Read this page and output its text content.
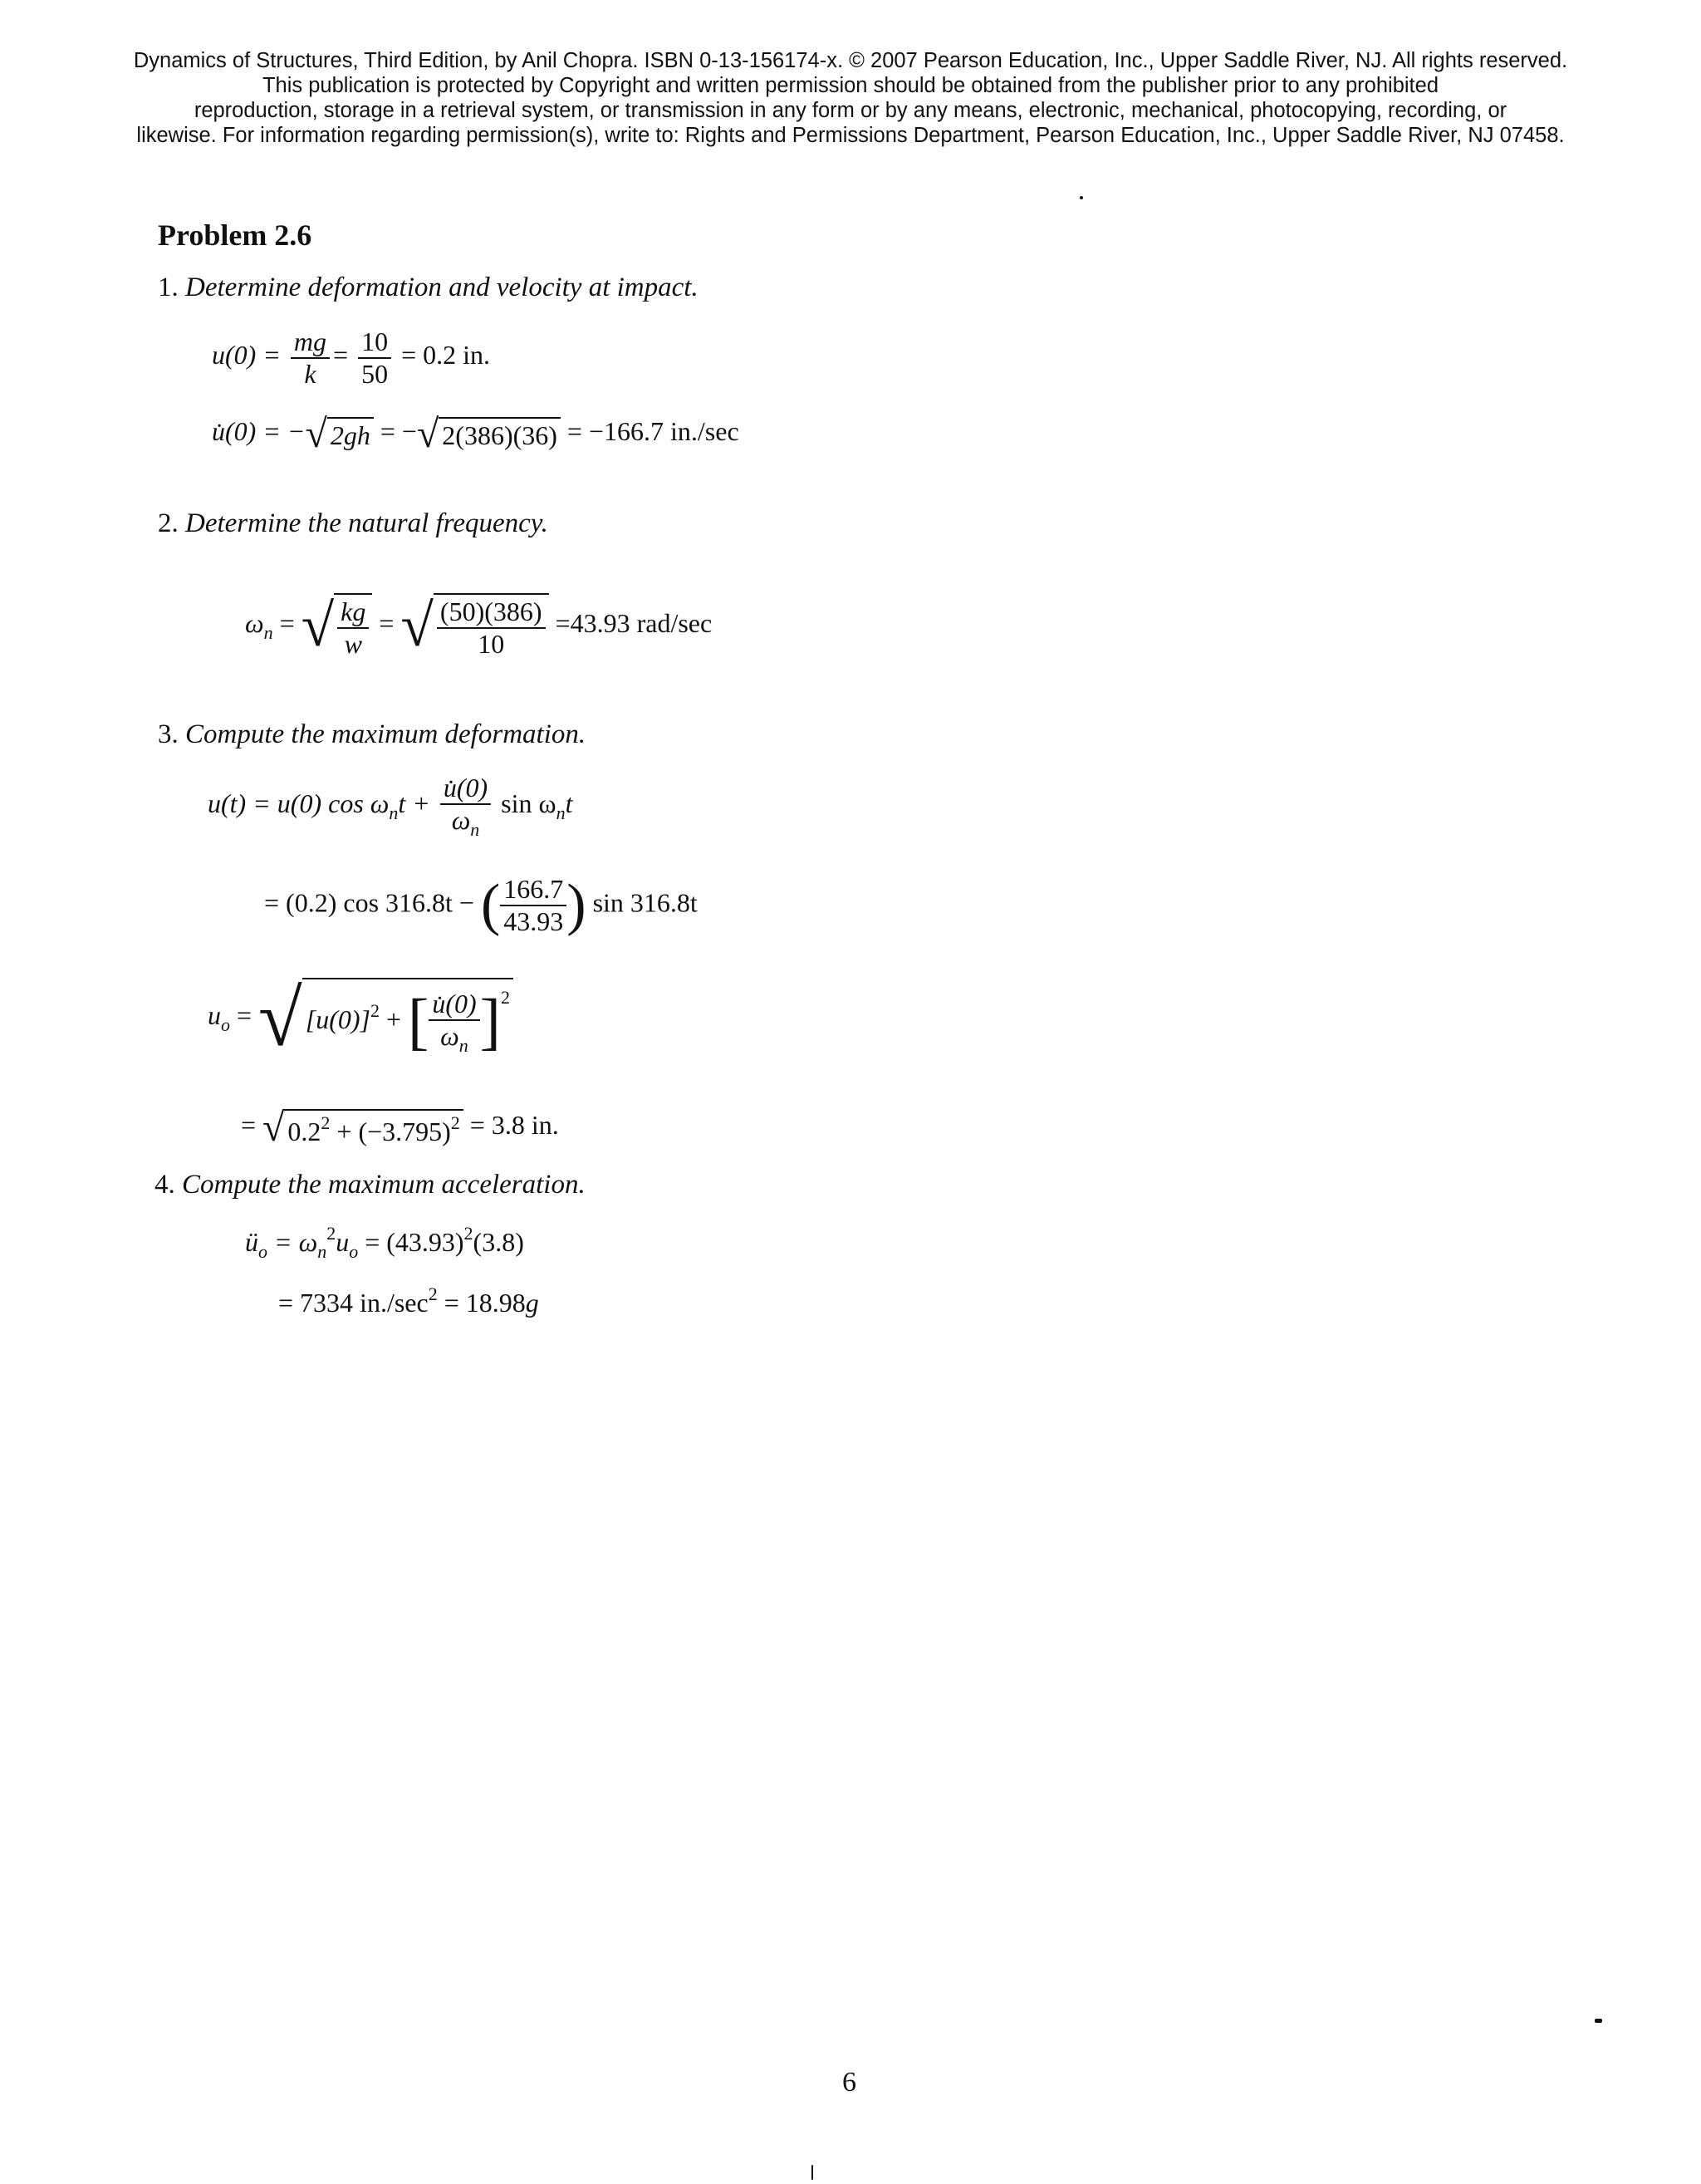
Dynamics of Structures, Third Edition, by Anil Chopra. ISBN 0-13-156174-x. © 2007 Pearson Education, Inc., Upper Saddle River, NJ. All rights reserved.
This publication is protected by Copyright and written permission should be obtained from the publisher prior to any prohibited
reproduction, storage in a retrieval system, or transmission in any form or by any means, electronic, mechanical, photocopying, recording, or
likewise. For information regarding permission(s), write to: Rights and Permissions Department, Pearson Education, Inc., Upper Saddle River, NJ 07458.
Problem 2.6
1. Determine deformation and velocity at impact.
$u(0) = \frac{mg}{k} = \frac{10}{50} = 0.2$ in.
u̇(0) = −√ 2gh = −√ 2(386)(36) = −166.7 in./sec
2. Determine the natural frequency.
$\omega_n$ = √ $\frac{kg}{w}$ = √ $\frac{(50)(386)}{10} =43.93$ rad/sec
3. Compute the maximum deformation.
u(t) = u(0) $\cos \omega_nt + \frac{u̇(0)}{\omega_n}$ $\sin \omega_nt$
= (0.2) cos 316.8t − ( $\frac{166.7}{43.93}$ ) sin 316.8t
$u_o$ = √ $[u(0)]^2$ + [ $\frac{u̇(0)}{\omega_n} ]^2$
= √ $0.2^2 + (-3.795)^2 = 3.8$ in.
4. Compute the maximum acceleration.
$ü_o = \omega_n^2u_o = (43.93)^2(3.8)$
= 7334 $in./\sec^2 = 18.98g$
6
